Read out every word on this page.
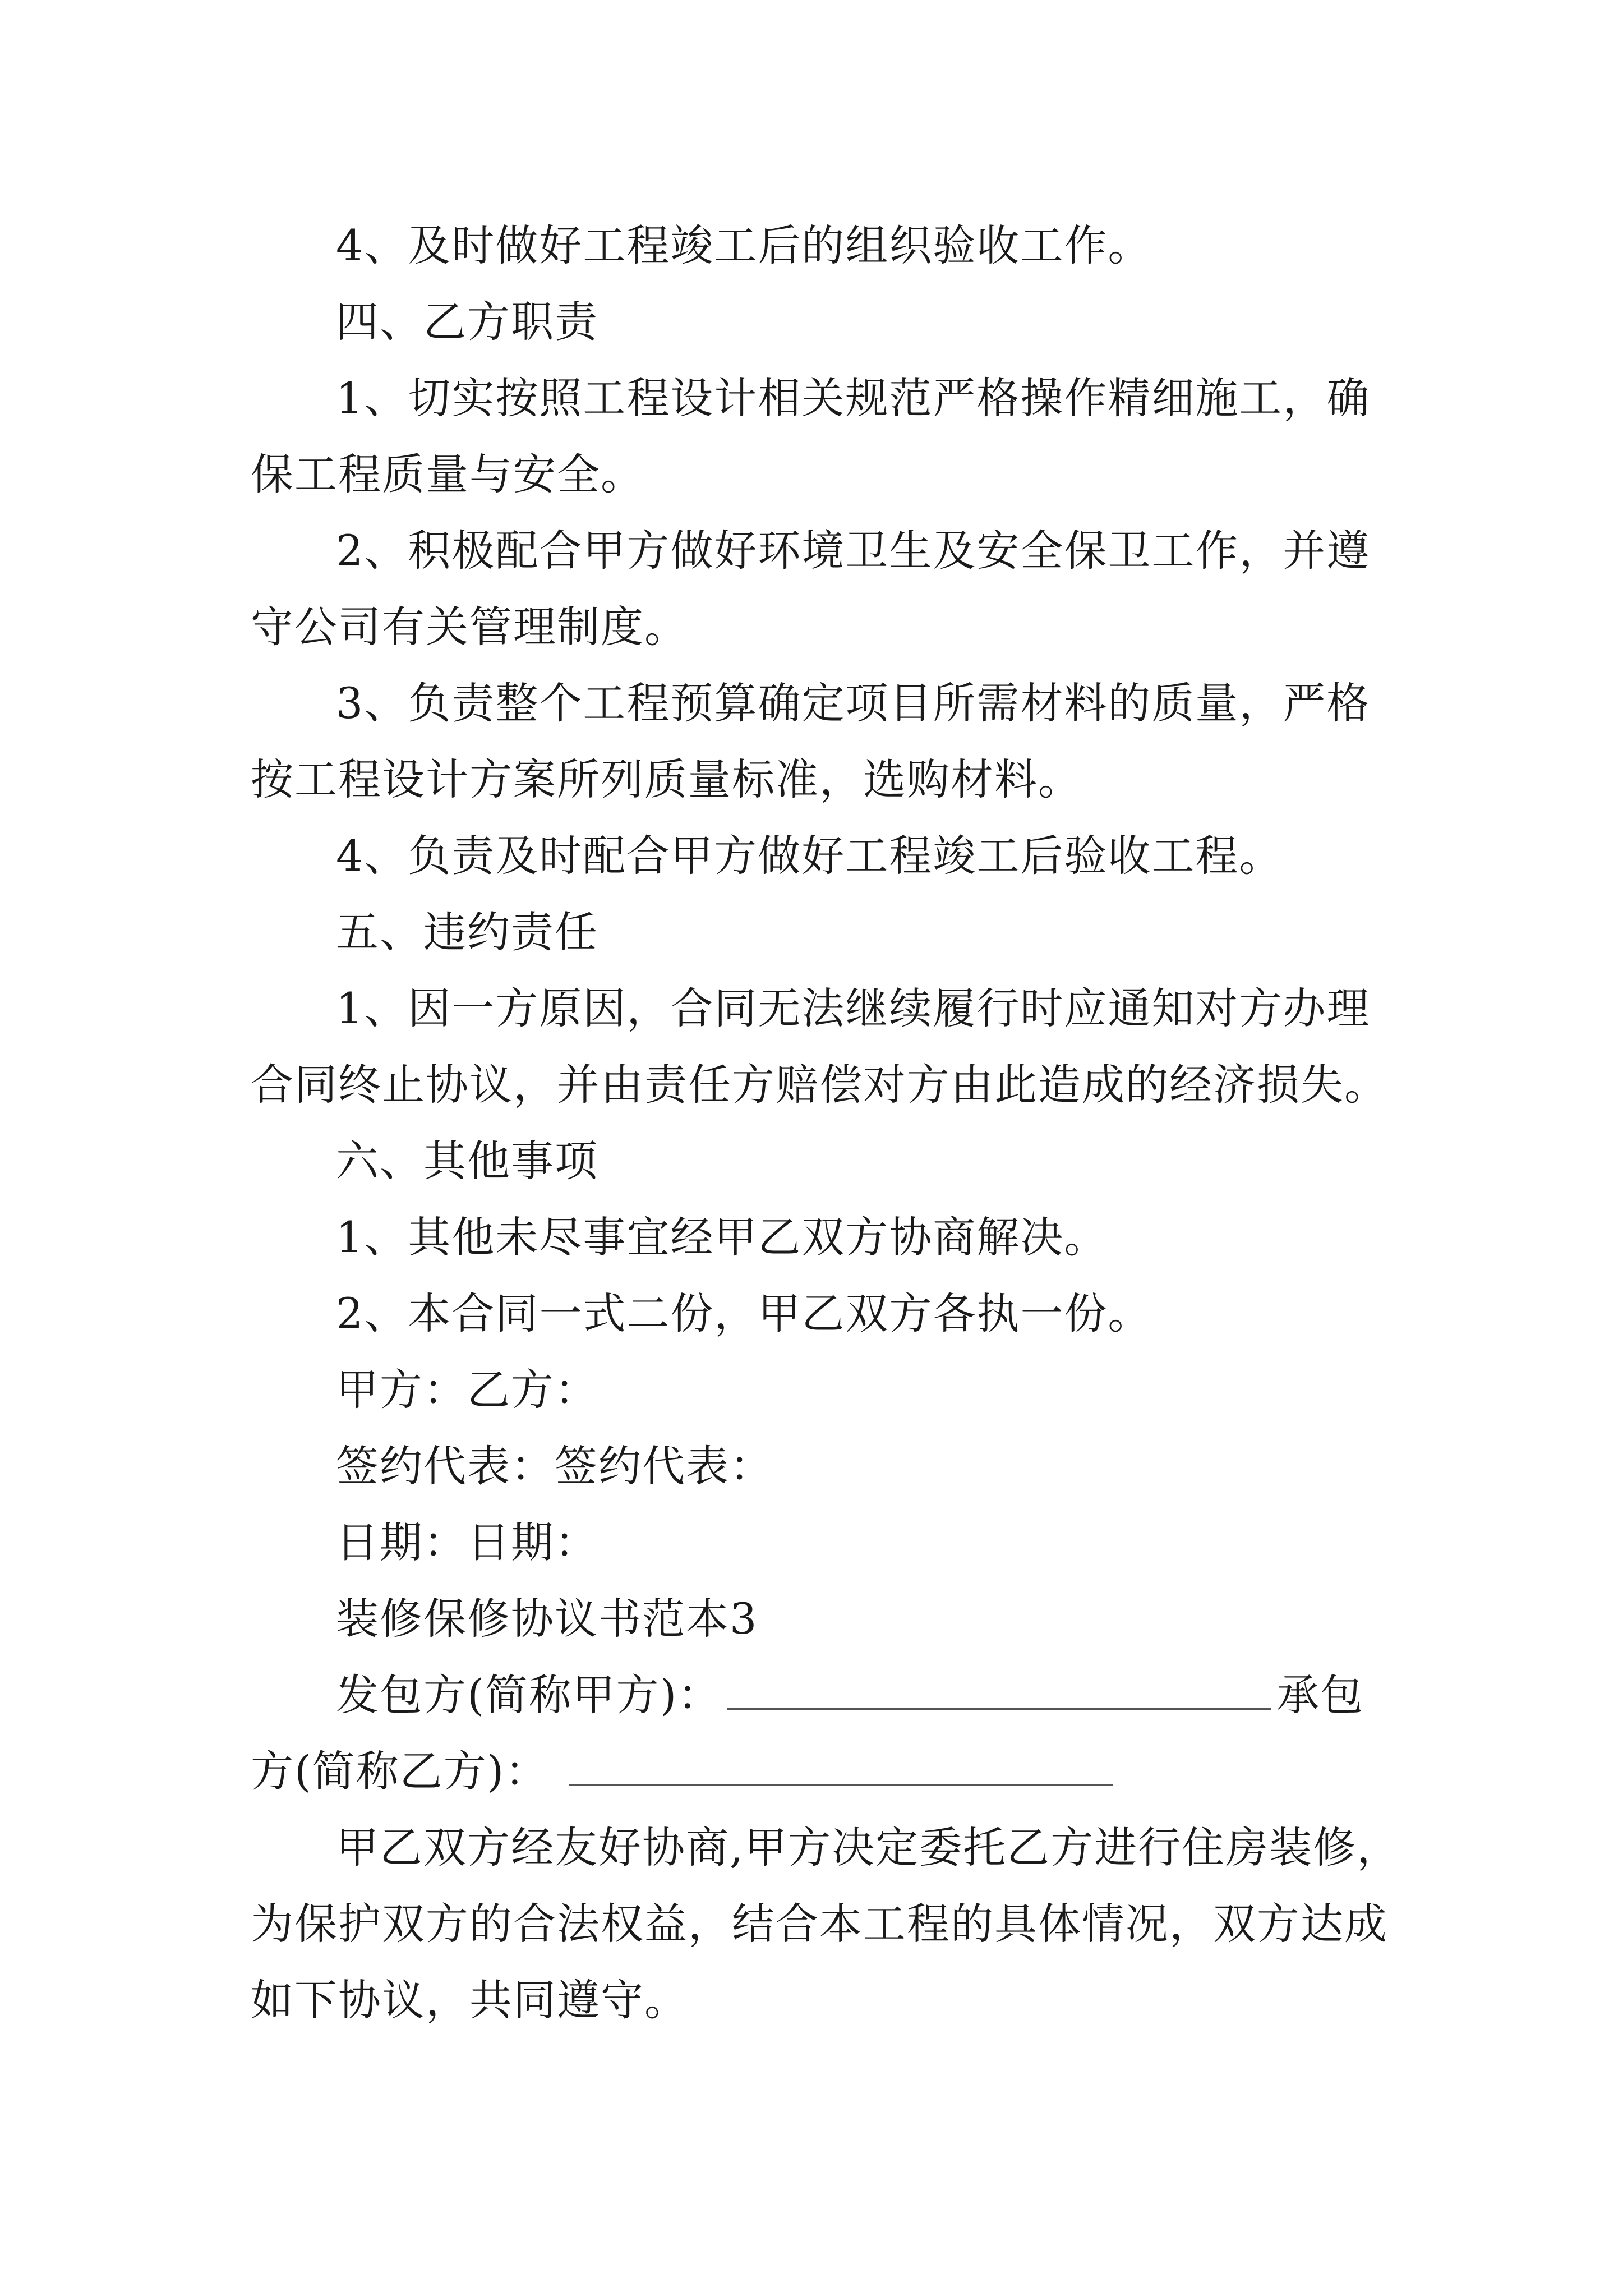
4、及时做好工程竣工后的组织验收工作。

四、乙方职责

1、切实按照工程设计相关规范严格操作精细施工，确

保工程质量与安全。

2、积极配合甲方做好环境卫生及安全保卫工作，并遵

守公司有关管理制度。

3、负责整个工程预算确定项目所需材料的质量，严格

按工程设计方案所列质量标准，选购材料。

4、负责及时配合甲方做好工程竣工后验收工程。

五、违约责任

1、因一方原因，合同无法继续履行时应通知对方办理

合同终止协议，并由责任方赔偿对方由此造成的经济损失。

六、其他事项

1、其他未尽事宜经甲乙双方协商解决。

2、本合同一式二份，甲乙双方各执一份。

甲方：乙方：

签约代表：签约代表：

日期：日期：

装修保修协议书范本3

发包方(简称甲方)：	承包

方(简称乙方)：

甲乙双方经友好协商,甲方决定委托乙方进行住房装修，

为保护双方的合法权益，结合本工程的具体情况，双方达成

如下协议，共同遵守。
